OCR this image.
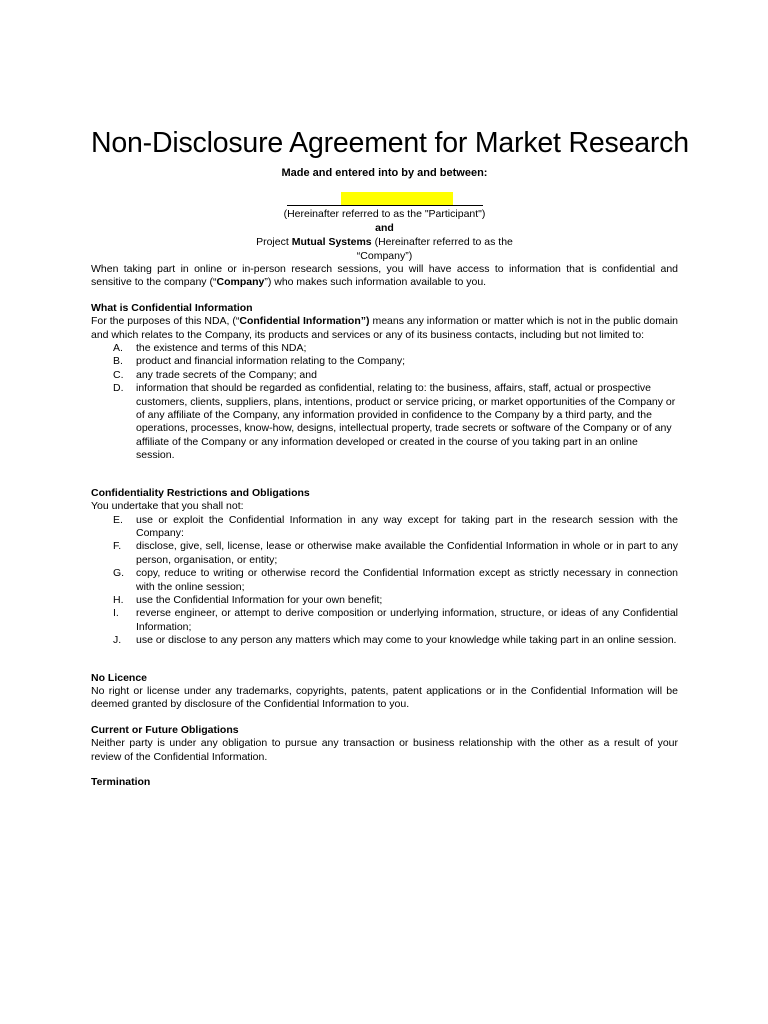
Non-Disclosure Agreement for Market Research

Made and entered into by and between:

(Hereinafter referred to as the "Participant")

and

Project Mutual Systems (Hereinafter referred to as the

“Company”)

When taking part in online or in-person research sessions, you will have access to information that is confidential and sensitive to the company (“Company”) who makes such information available to you.

What is Confidential Information

For the purposes of this NDA, (“Confidential Information”) means any information or matter which is not in the public domain and which relates to the Company, its products and services or any of its business contacts, including but not limited to:

A. the existence and terms of this NDA;
B. product and financial information relating to the Company;
C. any trade secrets of the Company; and
D. information that should be regarded as confidential, relating to: the business, affairs, staff, actual or prospective customers, clients, suppliers, plans, intentions, product or service pricing, or market opportunities of the Company or of any affiliate of the Company, any information provided in confidence to the Company by a third party, and the operations, processes, know-how, designs, intellectual property, trade secrets or software of the Company or of any affiliate of the Company or any information developed or created in the course of you taking part in an online session.

Confidentiality Restrictions and Obligations

You undertake that you shall not:

E. use or exploit the Confidential Information in any way except for taking part in the research session with the Company:
F. disclose, give, sell, license, lease or otherwise make available the Confidential Information in whole or in part to any person, organisation, or entity;
G. copy, reduce to writing or otherwise record the Confidential Information except as strictly necessary in connection with the online session;
H. use the Confidential Information for your own benefit;
I. reverse engineer, or attempt to derive composition or underlying information, structure, or ideas of any Confidential Information;
J. use or disclose to any person any matters which may come to your knowledge while taking part in an online session.

No Licence

No right or license under any trademarks, copyrights, patents, patent applications or in the Confidential Information will be deemed granted by disclosure of the Confidential Information to you.

Current or Future Obligations

Neither party is under any obligation to pursue any transaction or business relationship with the other as a result of your review of the Confidential Information.

Termination
